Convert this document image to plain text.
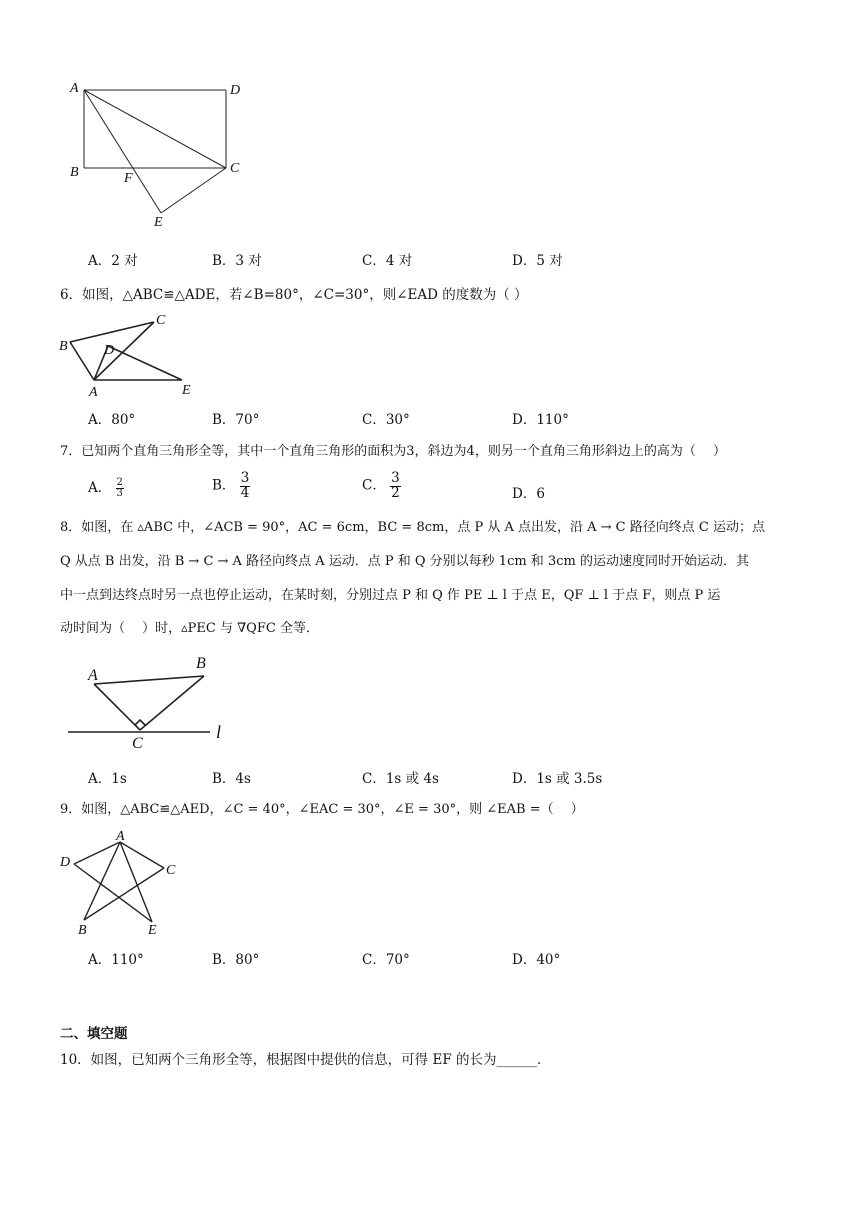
A	D
B	C
F
E
A．2 对	B．3 对	C．4 对	D．5 对
6．如图，△ABC≌△ADE，若∠B=80°，∠C=30°，则∠EAD 的度数为（ ）
B
C
D
A	E
A．80°	B．70°	C．30°	D．110°
7．已知两个直角三角形全等，其中一个直角三角形的面积为3，斜边为4，则另一个直角三角形斜边上的高为（　 ）
A． $\frac{2}{3}$	B． $\frac{3}{4}$	C． $\frac{3}{2}$	D．6
8．如图，在 ▵ABC 中，∠ACB = 90°，AC = 6cm，BC = 8cm，点 P 从 A 点出发，沿 A → C 路径向终点 C 运动；点
Q 从点 B 出发，沿 B → C → A 路径向终点 A 运动．点 P 和 Q 分别以每秒 1cm 和 3cm 的运动速度同时开始运动．其
中一点到达终点时另一点也停止运动，在某时刻，分别过点 P 和 Q 作 PE ⊥ l 于点 E，QF ⊥ l 于点 F，则点 P 运
动时间为（　 ）时，▵PEC 与 ∇QFC 全等．
A
B
C
l
A．1s	B．4s	C．1s 或 4s	D．1s 或 3.5s
9．如图，△ABC≌△AED，∠C = 40°，∠EAC = 30°，∠E = 30°，则 ∠EAB =（　 ）
A
D
C
B	E
A．110°	B．80°	C．70°	D．40°
二、填空题
10．如图，已知两个三角形全等，根据图中提供的信息，可得 EF 的长为______．
